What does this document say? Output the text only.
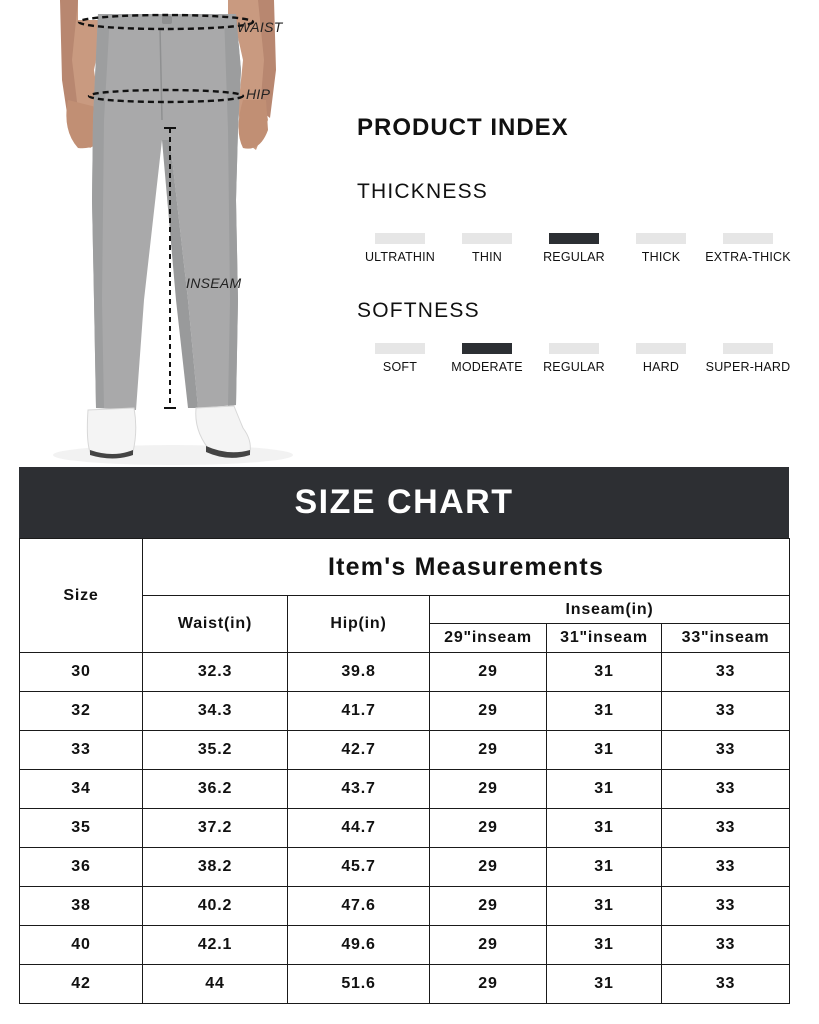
WAIST
HIP
INSEAM
PRODUCT INDEX
THICKNESS
ULTRATHIN	THIN	REGULAR	THICK	EXTRA-THICK
SOFTNESS
SOFT	MODERATE	REGULAR	HARD	SUPER-HARD
SIZE CHART
Size	Item's Measurements				
	Waist(in)	Hip(in)	Inseam(in)		
			29"inseam	31"inseam	33"inseam
30	32.3	39.8	29	31	33
32	34.3	41.7	29	31	33
33	35.2	42.7	29	31	33
34	36.2	43.7	29	31	33
35	37.2	44.7	29	31	33
36	38.2	45.7	29	31	33
38	40.2	47.6	29	31	33
40	42.1	49.6	29	31	33
42	44	51.6	29	31	33
